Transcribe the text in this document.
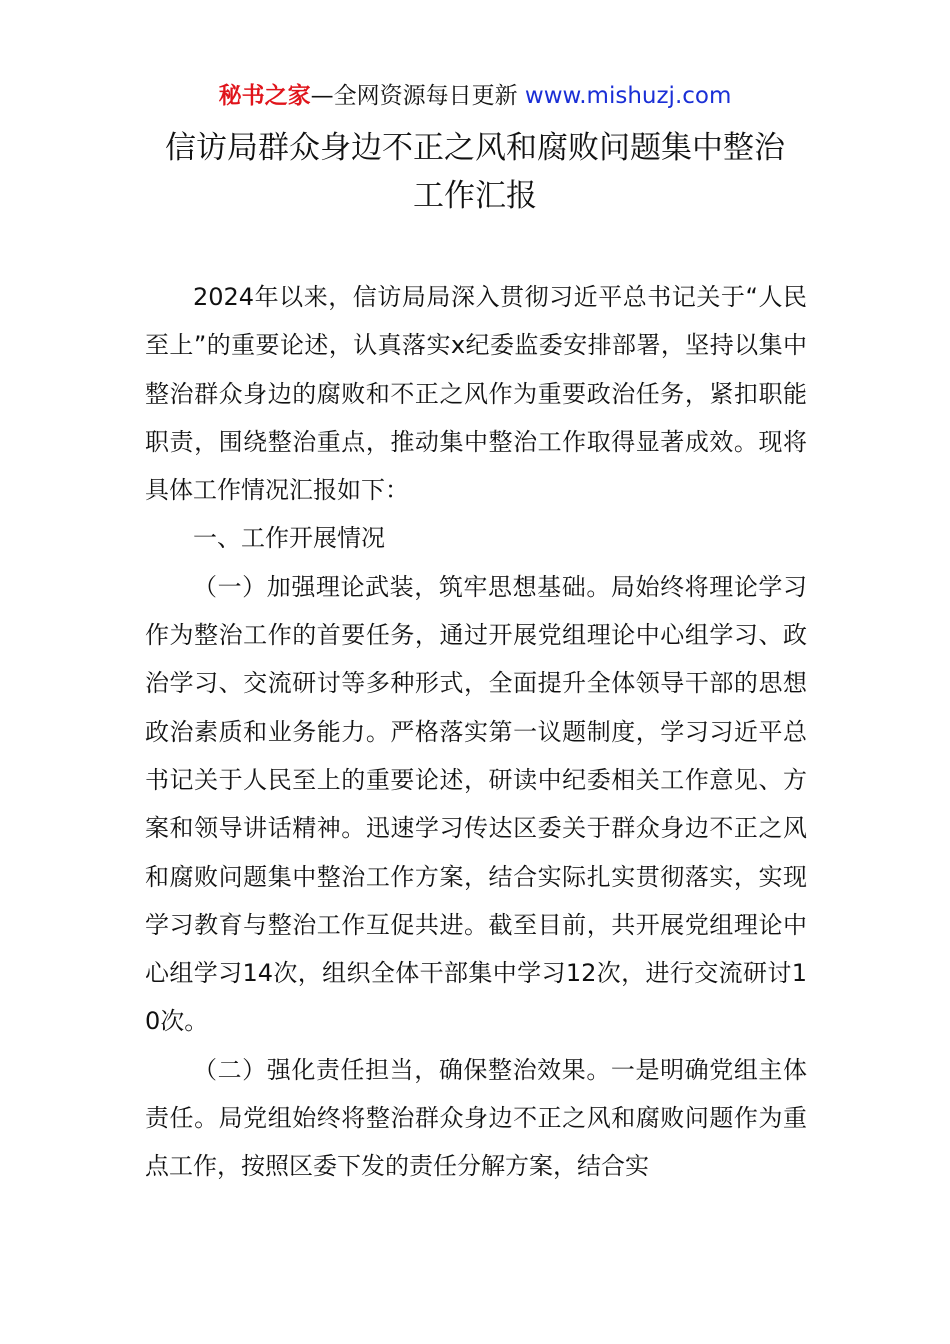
秘书之家—全网资源每日更新 www.mishuzj.com
信访局群众身边不正之风和腐败问题集中整治
工作汇报

2024年以来，信访局局深入贯彻习近平总书记关于“人民至上”的重要论述，认真落实x纪委监委安排部署，坚持以集中整治群众身边的腐败和不正之风作为重要政治任务，紧扣职能职责，围绕整治重点，推动集中整治工作取得显著成效。现将具体工作情况汇报如下：

一、工作开展情况

（一）加强理论武装，筑牢思想基础。局始终将理论学习作为整治工作的首要任务，通过开展党组理论中心组学习、政治学习、交流研讨等多种形式，全面提升全体领导干部的思想政治素质和业务能力。严格落实第一议题制度，学习习近平总书记关于人民至上的重要论述，研读中纪委相关工作意见、方案和领导讲话精神。迅速学习传达区委关于群众身边不正之风和腐败问题集中整治工作方案，结合实际扎实贯彻落实，实现学习教育与整治工作互促共进。截至目前，共开展党组理论中心组学习14次，组织全体干部集中学习12次，进行交流研讨10次。

（二）强化责任担当，确保整治效果。一是明确党组主体责任。局党组始终将整治群众身边不正之风和腐败问题作为重点工作，按照区委下发的责任分解方案，结合实
